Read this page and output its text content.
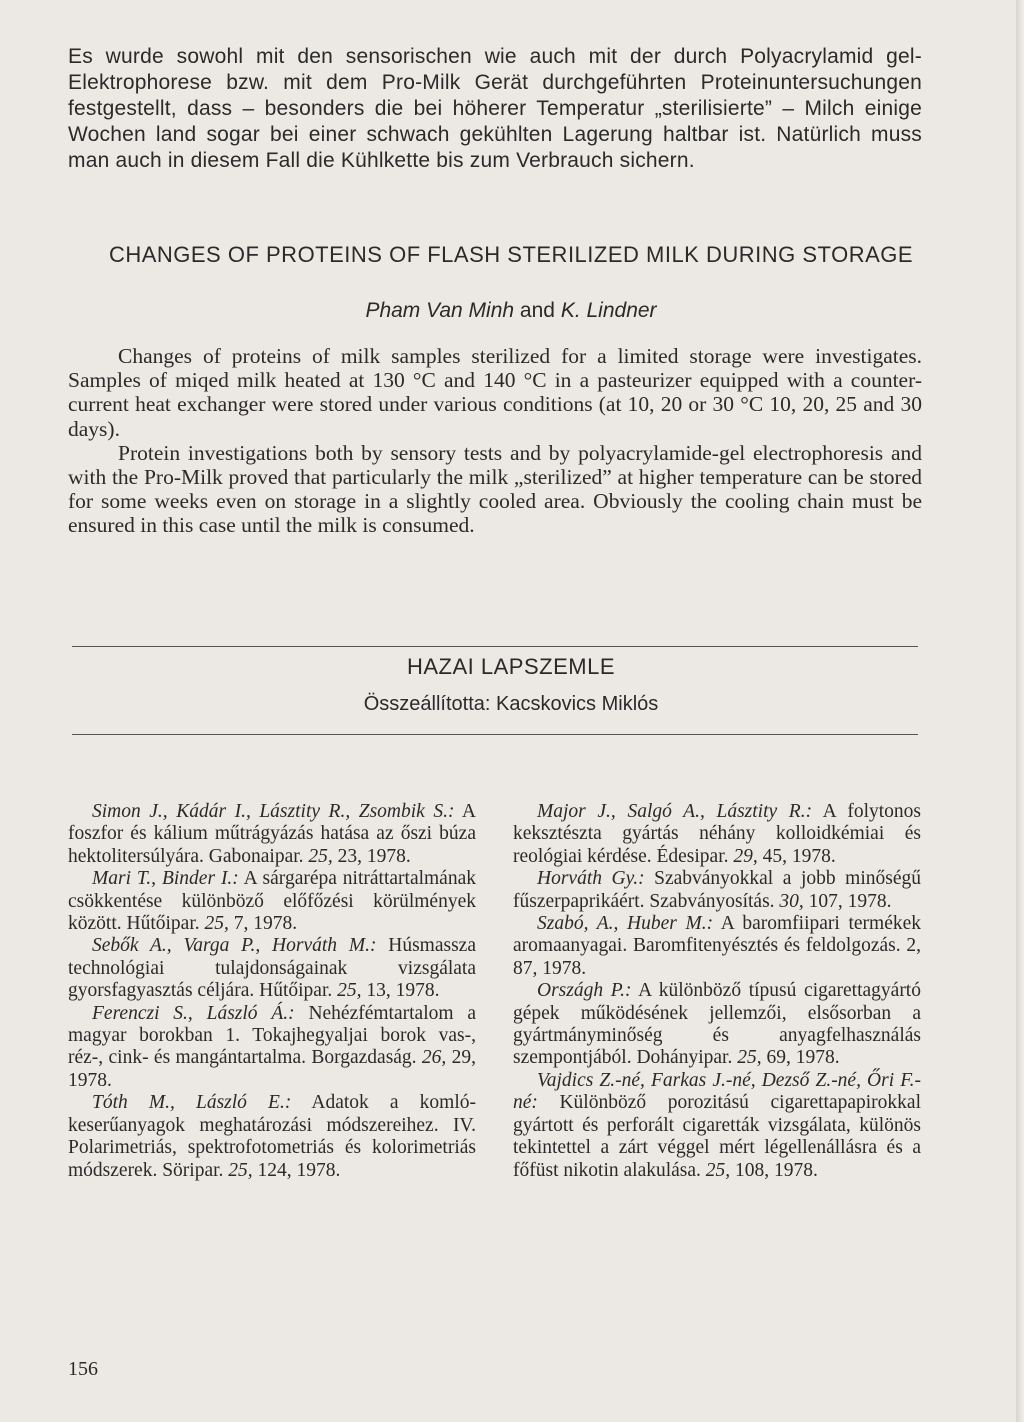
Es wurde sowohl mit den sensorischen wie auch mit der durch Polyacrylamid gel-Elektrophorese bzw. mit dem Pro-Milk Gerät durchgeführten Proteinuntersuchungen festgestellt, dass – besonders die bei höherer Temperatur „sterilisierte” – Milch einige Wochen land sogar bei einer schwach gekühlten Lagerung haltbar ist. Natürlich muss man auch in diesem Fall die Kühlkette bis zum Verbrauch sichern.
CHANGES OF PROTEINS OF FLASH STERILIZED MILK DURING STORAGE
Pham Van Minh and K. Lindner

Changes of proteins of milk samples sterilized for a limited storage were investigates. Samples of miqed milk heated at 130 °C and 140 °C in a pasteurizer equipped with a counter-current heat exchanger were stored under various conditions (at 10, 20 or 30 °C 10, 20, 25 and 30 days).

Protein investigations both by sensory tests and by polyacrylamide-gel electrophoresis and with the Pro-Milk proved that particularly the milk „sterilized” at higher temperature can be stored for some weeks even on storage in a slightly cooled area. Obviously the cooling chain must be ensured in this case until the milk is consumed.

HAZAI LAPSZEMLE
Összeállította: Kacskovics Miklós

Simon J., Kádár I., Lásztity R., Zsombik S.: A foszfor és kálium műtrágyázás hatása az őszi búza hektolitersúlyára. Gabonaipar. 25, 23, 1978.

Mari T., Binder I.: A sárgarépa nitráttartalmának csökkentése különböző előfőzési körülmények között. Hűtőipar. 25, 7, 1978.

Sebők A., Varga P., Horváth M.: Húsmassza technológiai tulajdonságainak vizsgálata gyorsfagyasztás céljára. Hűtőipar. 25, 13, 1978.

Ferenczi S., László Á.: Nehézfémtartalom a magyar borokban 1. Tokajhegyaljai borok vas-, réz-, cink- és mangántartalma. Borgazdaság. 26, 29, 1978.

Tóth M., László E.: Adatok a komlókeserűanyagok meghatározási módszereihez. IV. Polarimetriás, spektrofotometriás és kolorimetriás módszerek. Söripar. 25, 124, 1978.

Major J., Salgó A., Lásztity R.: A folytonos keksztészta gyártás néhány kolloidkémiai és reológiai kérdése. Édesipar. 29, 45, 1978.

Horváth Gy.: Szabványokkal a jobb minőségű fűszerpaprikáért. Szabványosítás. 30, 107, 1978.

Szabó, A., Huber M.: A baromfiipari termékek aromaanyagai. Baromfitenyésztés és feldolgozás. 2, 87, 1978.

Országh P.: A különböző típusú cigarettagyártó gépek működésének jellemzői, elsősorban a gyártmányminőség és anyagfelhasználás szempontjából. Dohányipar. 25, 69, 1978.

Vajdics Z.-né, Farkas J.-né, Dezső Z.-né, Őri F.-né: Különböző porozitású cigarettapapirokkal gyártott és perforált cigaretták vizsgálata, különös tekintettel a zárt véggel mért légellenállásra és a főfüst nikotin alakulása. 25, 108, 1978.

156
